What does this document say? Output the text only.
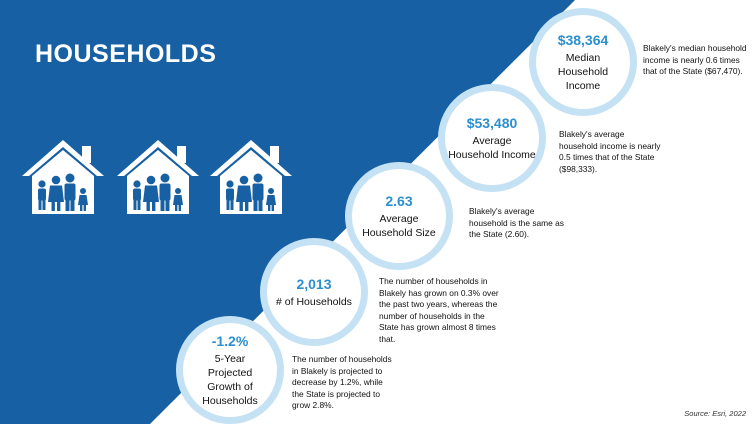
HOUSEHOLDS
$38,364
Median Household Income
Blakely's median household income is nearly 0.6 times that of the State ($67,470).
$53,480
Average Household Income
Blakely's average household income is nearly 0.5 times that of the State ($98,333).
2.63
Average Household Size
Blakely's average household is the same as the State (2.60).
2,013
# of Households
The number of households in Blakely has grown on 0.3% over the past two years, whereas the number of households in the State has grown almost 8 times that.
-1.2%
5-Year Projected Growth of Households
The number of households in Blakely is projected to decrease by 1.2%, while the State is projected to grow 2.8%.
Source: Esri, 2022
